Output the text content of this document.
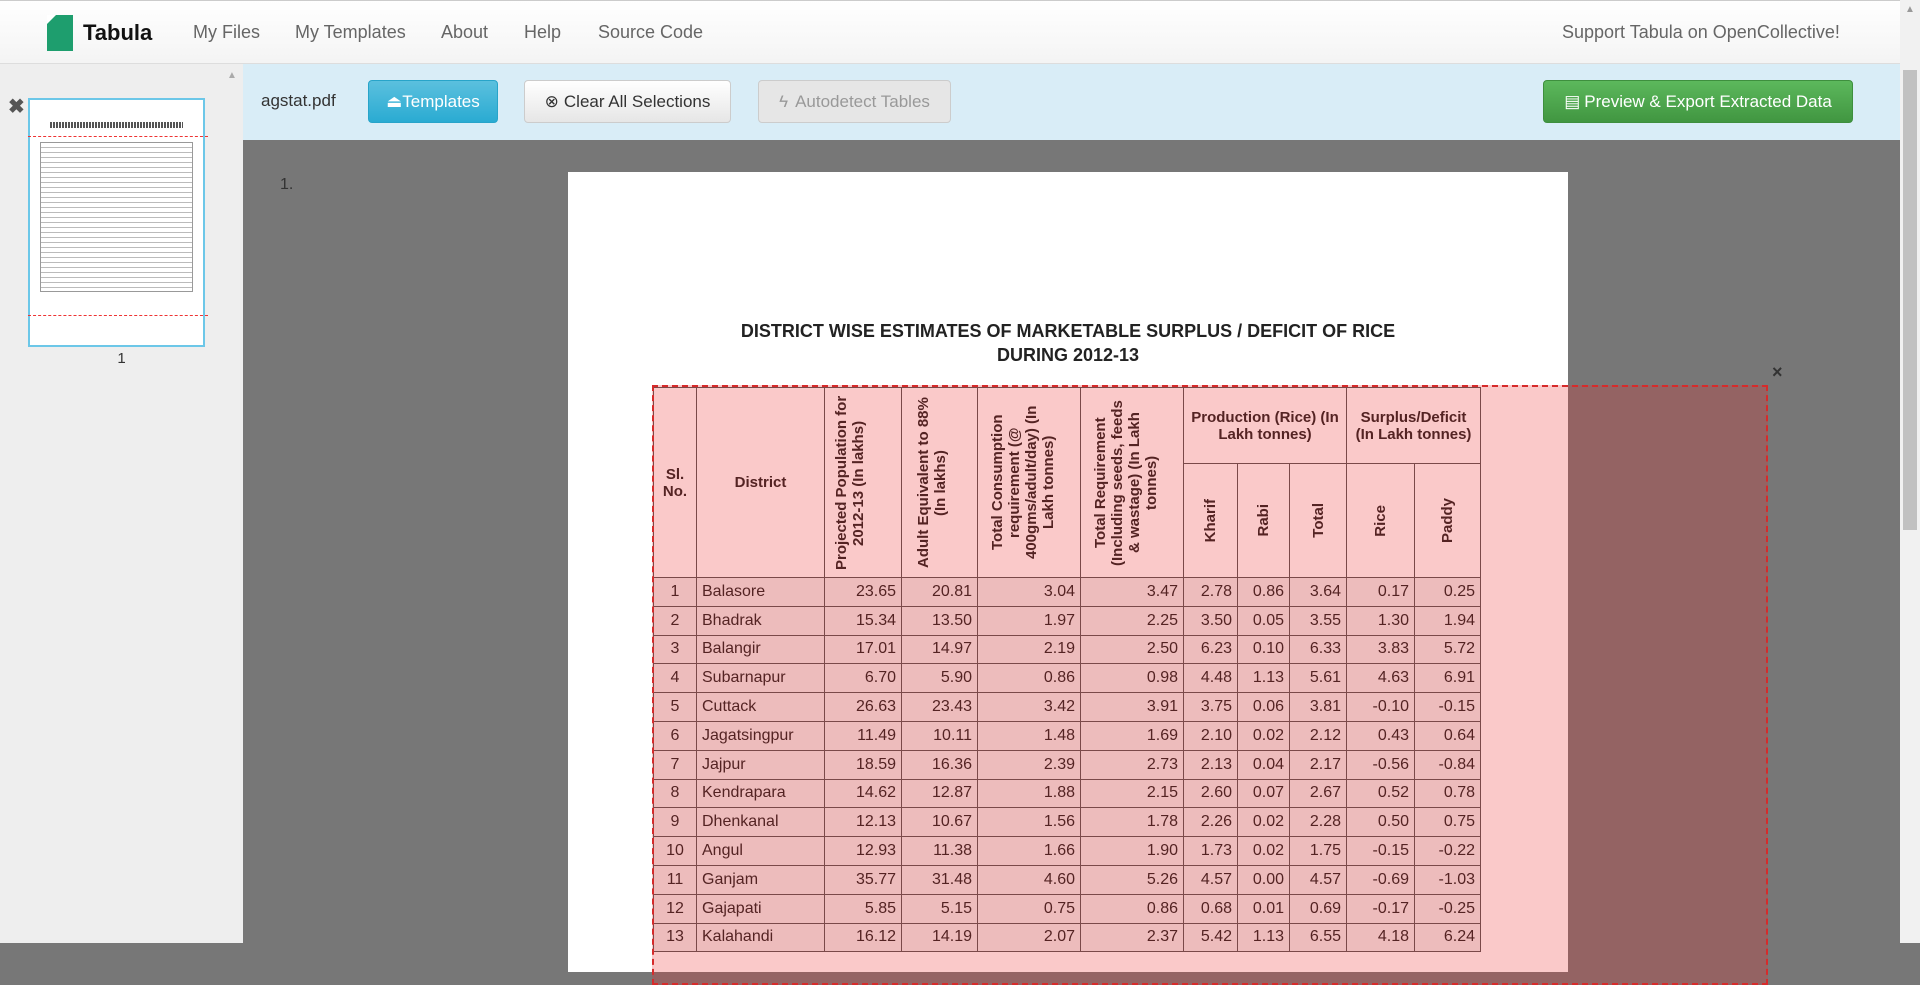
Tabula My Files My Templates About Help Source Code	Support Tabula on OpenCollective!
✖
▲
1
agstat.pdf	⏏ Templates	⊗ Clear All Selections	ϟ Autodetect Tables	▤ Preview & Export Extracted Data
1.
DISTRICT WISE ESTIMATES OF MARKETABLE SURPLUS / DEFICIT OF RICE
DURING 2012-13
Sl. No.	District	Projected Population for 2012-13 (In lakhs)	Adult Equivalent to 88% (In lakhs)	Total Consumption requirement (@ 400gms/adult/day) (In Lakh tonnes)	Total Requirement (Including seeds, feeds & wastage) (In Lakh tonnes)	Production (Rice) (In Lakh tonnes)			Surplus/Deficit (In Lakh tonnes)	

						Kharif	Rabi	Total	Rice	Paddy

1	Balasore	23.65	20.81	3.04	3.47	2.78	0.86	3.64	0.17	0.25
2	Bhadrak	15.34	13.50	1.97	2.25	3.50	0.05	3.55	1.30	1.94
3	Balangir	17.01	14.97	2.19	2.50	6.23	0.10	6.33	3.83	5.72
4	Subarnapur	6.70	5.90	0.86	0.98	4.48	1.13	5.61	4.63	6.91
5	Cuttack	26.63	23.43	3.42	3.91	3.75	0.06	3.81	-0.10	-0.15
6	Jagatsingpur	11.49	10.11	1.48	1.69	2.10	0.02	2.12	0.43	0.64
7	Jajpur	18.59	16.36	2.39	2.73	2.13	0.04	2.17	-0.56	-0.84
8	Kendrapara	14.62	12.87	1.88	2.15	2.60	0.07	2.67	0.52	0.78
9	Dhenkanal	12.13	10.67	1.56	1.78	2.26	0.02	2.28	0.50	0.75
10	Angul	12.93	11.38	1.66	1.90	1.73	0.02	1.75	-0.15	-0.22
11	Ganjam	35.77	31.48	4.60	5.26	4.57	0.00	4.57	-0.69	-1.03
12	Gajapati	5.85	5.15	0.75	0.86	0.68	0.01	0.69	-0.17	-0.25
13	Kalahandi	16.12	14.19	2.07	2.37	5.42	1.13	6.55	4.18	6.24
×
▲
